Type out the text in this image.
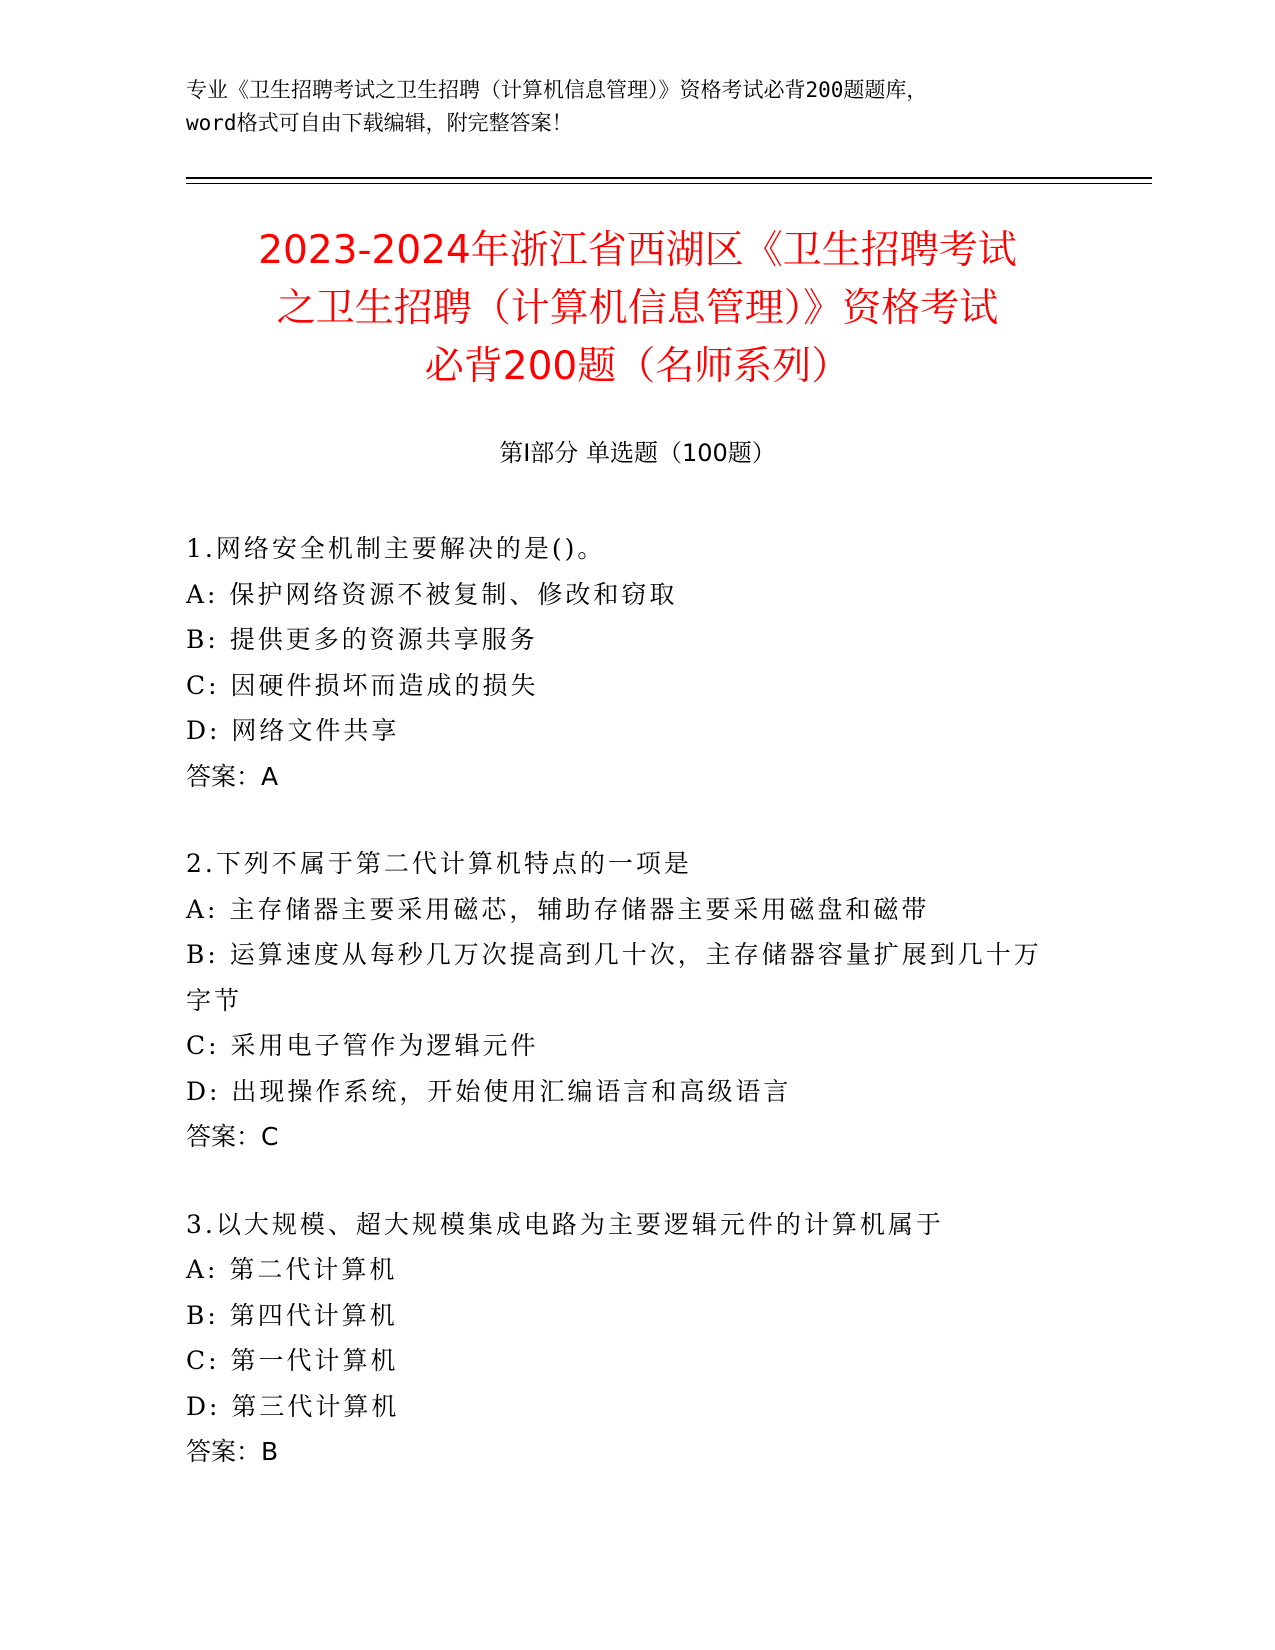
专业《卫生招聘考试之卫生招聘（计算机信息管理）》资格考试必背200题题库，
word格式可自由下载编辑，附完整答案！
2023-2024年浙江省西湖区《卫生招聘考试
之卫生招聘（计算机信息管理）》资格考试
必背200题（名师系列）
第Ⅰ部分 单选题（100题）
1.网络安全机制主要解决的是()。
A: 保护网络资源不被复制、修改和窃取
B: 提供更多的资源共享服务
C: 因硬件损坏而造成的损失
D: 网络文件共享
答案：A
2.下列不属于第二代计算机特点的一项是
A: 主存储器主要采用磁芯，辅助存储器主要采用磁盘和磁带
B: 运算速度从每秒几万次提高到几十次，主存储器容量扩展到几十万
字节
C: 采用电子管作为逻辑元件
D: 出现操作系统，开始使用汇编语言和高级语言
答案：C
3.以大规模、超大规模集成电路为主要逻辑元件的计算机属于
A: 第二代计算机
B: 第四代计算机
C: 第一代计算机
D: 第三代计算机
答案：B
